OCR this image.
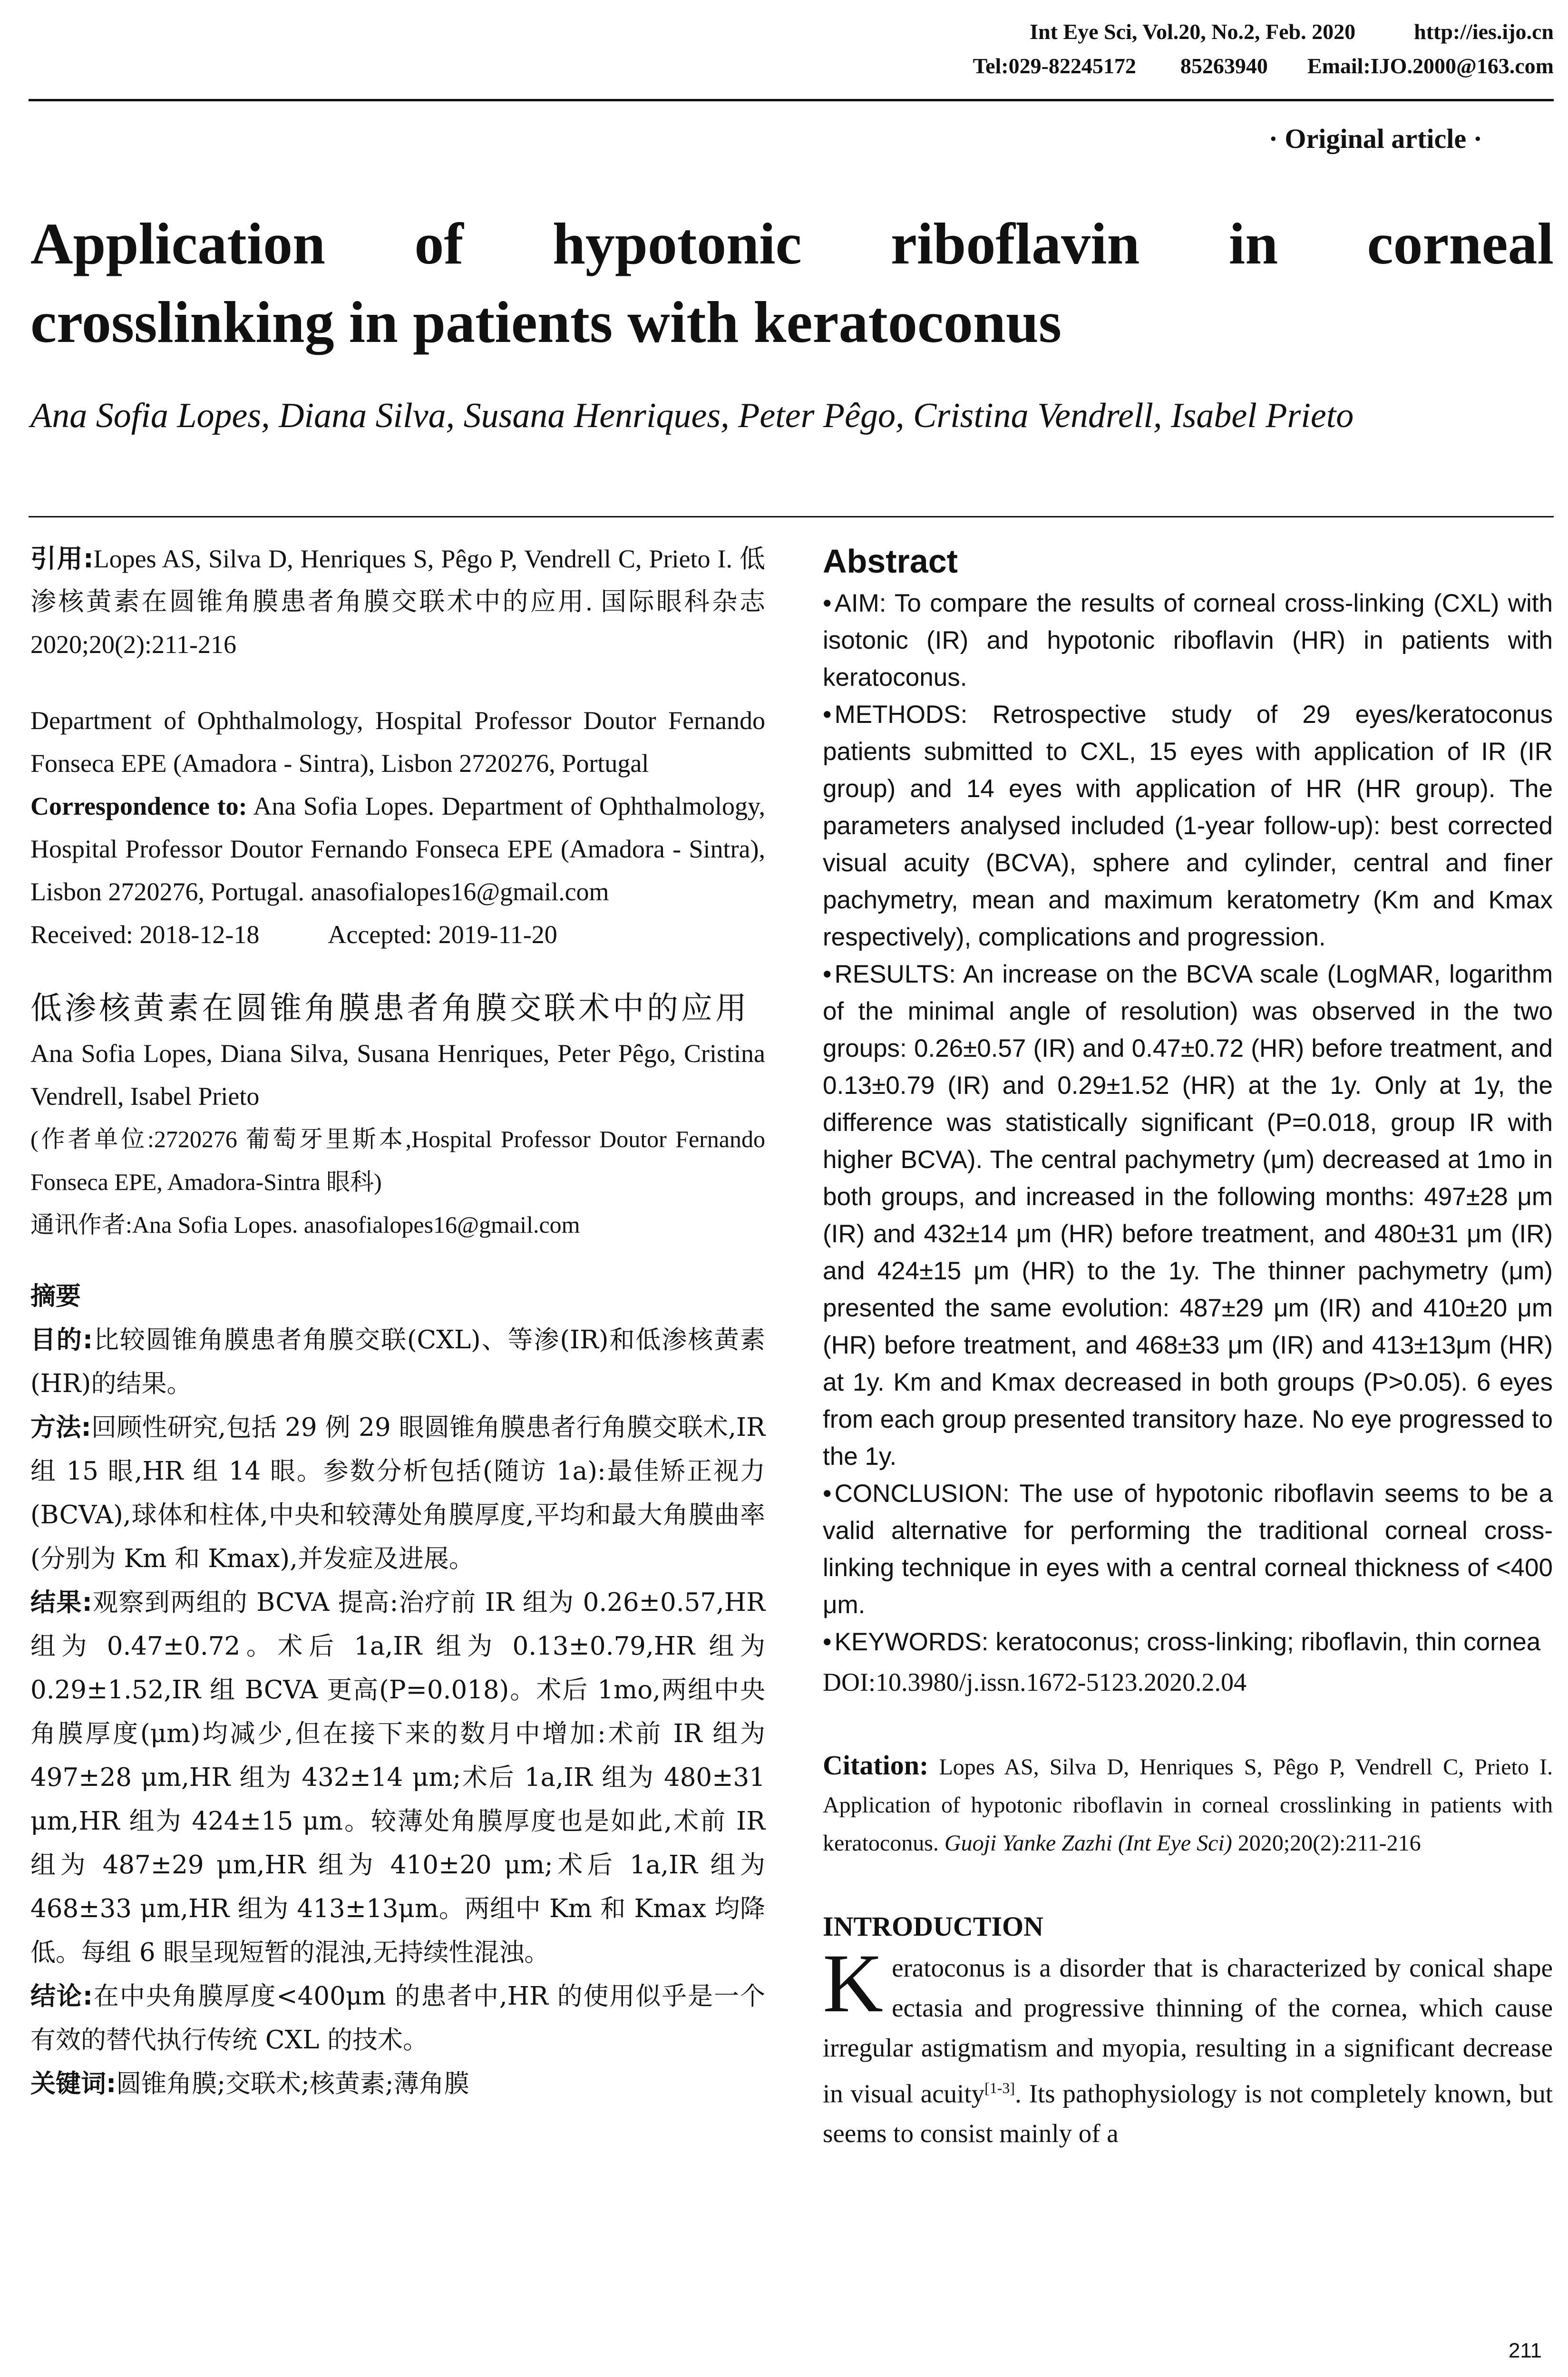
Int Eye Sci, Vol.20, No.2, Feb. 2020	http://ies.ijo.cn
Tel:029-82245172 85263940 Email:IJO.2000@163.com
· Original article ·
Application of hypotonic riboflavin in corneal
crosslinking in patients with keratoconus
Ana Sofia Lopes, Diana Silva, Susana Henriques, Peter Pêgo, Cristina Vendrell, Isabel Prieto

引用:Lopes AS, Silva D, Henriques S, Pêgo P, Vendrell C, Prieto I. 低渗核黄素在圆锥角膜患者角膜交联术中的应用. 国际眼科杂志 2020;20(2):211-216

Department of Ophthalmology, Hospital Professor Doutor Fernando Fonseca EPE (Amadora - Sintra), Lisbon 2720276, Portugal

Correspondence to: Ana Sofia Lopes. Department of Ophthalmology, Hospital Professor Doutor Fernando Fonseca EPE (Amadora - Sintra), Lisbon 2720276, Portugal. anasofialopes16@gmail.com

Received: 2018-12-18	Accepted: 2019-11-20

低渗核黄素在圆锥角膜患者角膜交联术中的应用

Ana Sofia Lopes, Diana Silva, Susana Henriques, Peter Pêgo, Cristina Vendrell, Isabel Prieto

(作者单位:2720276 葡萄牙里斯本,Hospital Professor Doutor Fernando Fonseca EPE, Amadora-Sintra 眼科)

通讯作者:Ana Sofia Lopes. anasofialopes16@gmail.com

摘要

目的:比较圆锥角膜患者角膜交联(CXL)、等渗(IR)和低渗核黄素(HR)的结果。

方法:回顾性研究,包括 29 例 29 眼圆锥角膜患者行角膜交联术,IR 组 15 眼,HR 组 14 眼。参数分析包括(随访 1a):最佳矫正视力(BCVA),球体和柱体,中央和较薄处角膜厚度,平均和最大角膜曲率(分别为 Km 和 Kmax),并发症及进展。

结果:观察到两组的 BCVA 提高:治疗前 IR 组为 0.26±0.57,HR 组为 0.47±0.72。术后 1a,IR 组为 0.13±0.79,HR 组为 0.29±1.52,IR 组 BCVA 更高(P=0.018)。术后 1mo,两组中央角膜厚度(μm)均减少,但在接下来的数月中增加:术前 IR 组为 497±28 μm,HR 组为 432±14 μm;术后 1a,IR 组为 480±31 μm,HR 组为 424±15 μm。较薄处角膜厚度也是如此,术前 IR 组为 487±29 μm,HR 组为 410±20 μm;术后 1a,IR 组为 468±33 μm,HR 组为 413±13μm。两组中 Km 和 Kmax 均降低。每组 6 眼呈现短暂的混浊,无持续性混浊。

结论:在中央角膜厚度<400μm 的患者中,HR 的使用似乎是一个有效的替代执行传统 CXL 的技术。

关键词:圆锥角膜;交联术;核黄素;薄角膜

Abstract

• AIM: To compare the results of corneal cross-linking (CXL) with isotonic (IR) and hypotonic riboflavin (HR) in patients with keratoconus.

• METHODS: Retrospective study of 29 eyes/keratoconus patients submitted to CXL, 15 eyes with application of IR (IR group) and 14 eyes with application of HR (HR group). The parameters analysed included (1-year follow-up): best corrected visual acuity (BCVA), sphere and cylinder, central and finer pachymetry, mean and maximum keratometry (Km and Kmax respectively), complications and progression.

• RESULTS: An increase on the BCVA scale (LogMAR, logarithm of the minimal angle of resolution) was observed in the two groups: 0.26±0.57 (IR) and 0.47±0.72 (HR) before treatment, and 0.13±0.79 (IR) and 0.29±1.52 (HR) at the 1y. Only at 1y, the difference was statistically significant (P=0.018, group IR with higher BCVA). The central pachymetry (μm) decreased at 1mo in both groups, and increased in the following months: 497±28 μm (IR) and 432±14 μm (HR) before treatment, and 480±31 μm (IR) and 424±15 μm (HR) to the 1y. The thinner pachymetry (μm) presented the same evolution: 487±29 μm (IR) and 410±20 μm (HR) before treatment, and 468±33 μm (IR) and 413±13μm (HR) at 1y. Km and Kmax decreased in both groups (P>0.05). 6 eyes from each group presented transitory haze. No eye progressed to the 1y.

• CONCLUSION: The use of hypotonic riboflavin seems to be a valid alternative for performing the traditional corneal cross-linking technique in eyes with a central corneal thickness of <400 μm.

• KEYWORDS: keratoconus; cross-linking; riboflavin, thin cornea

DOI:10.3980/j.issn.1672-5123.2020.2.04

Citation: Lopes AS, Silva D, Henriques S, Pêgo P, Vendrell C, Prieto I. Application of hypotonic riboflavin in corneal crosslinking in patients with keratoconus. Guoji Yanke Zazhi (Int Eye Sci) 2020;20(2):211-216

INTRODUCTION

K eratoconus is a disorder that is characterized by conical shape ectasia and progressive thinning of the cornea, which cause irregular astigmatism and myopia, resulting in a significant decrease in visual acuity[1-3]. Its pathophysiology is not completely known, but seems to consist mainly of a

211
